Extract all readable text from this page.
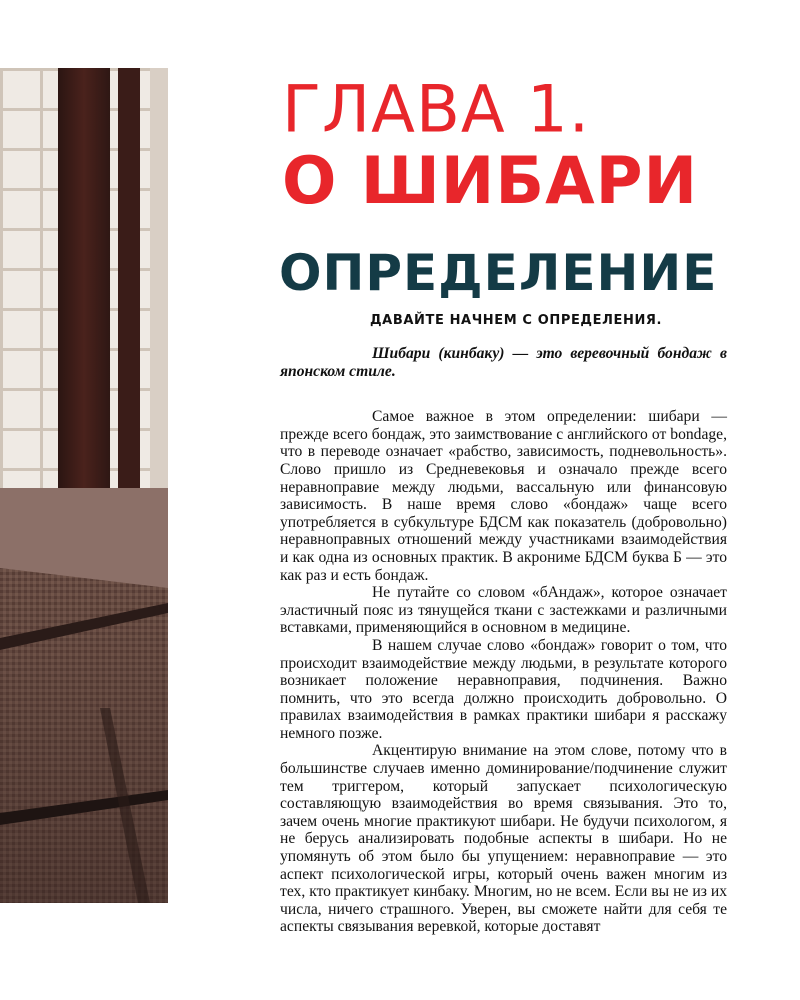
ГЛАВА 1.
О ШИБАРИ
ОПРЕДЕЛЕНИЕ
ДАВАЙТЕ НАЧНЕМ С ОПРЕДЕЛЕНИЯ.

Шибари (кинбаку) — это веревочный бондаж в японском стиле.

Самое важное в этом определении: шибари — прежде всего бондаж, это заимствование с английского от bondage, что в переводе означает «рабство, зависимость, подневольность». Слово пришло из Средневековья и означало прежде всего неравноправие между людьми, вассальную или финансовую зависимость. В наше время слово «бондаж» чаще всего употребляется в субкультуре БДСМ как показатель (добровольно) неравноправных отношений между участниками взаимодействия и как одна из основных практик. В акрониме БДСМ буква Б — это как раз и есть бондаж.

Не путайте со словом «бАндаж», которое означает эластичный пояс из тянущейся ткани с застежками и различными вставками, применяющийся в основном в медицине.

В нашем случае слово «бондаж» говорит о том, что происходит взаимодействие между людьми, в результате которого возникает положение неравноправия, подчинения. Важно помнить, что это всегда должно происходить добровольно. О правилах взаимодействия в рамках практики шибари я расскажу немного позже.

Акцентирую внимание на этом слове, потому что в большинстве случаев именно доминирование/подчинение служит тем триггером, который запускает психологическую составляющую взаимодействия во время связывания. Это то, зачем очень многие практикуют шибари. Не будучи психологом, я не берусь анализировать подобные аспекты в шибари. Но не упомянуть об этом было бы упущением: неравноправие — это аспект психологической игры, который очень важен многим из тех, кто практикует кинбаку. Многим, но не всем. Если вы не из их числа, ничего страшного. Уверен, вы сможете найти для себя те аспекты связывания веревкой, которые доставят
